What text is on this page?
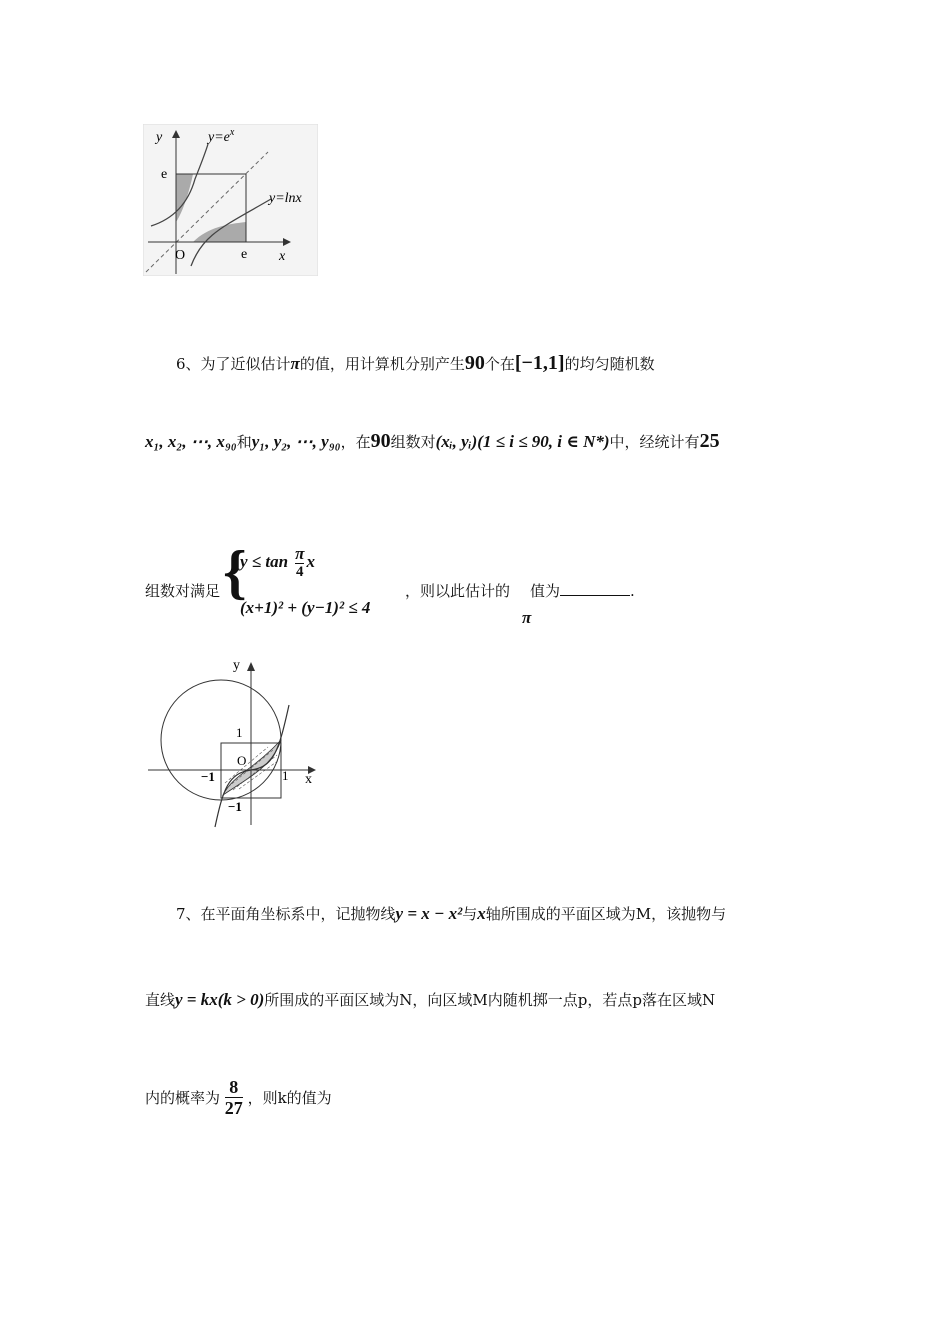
y
x
O
e
e
$y=e^x$
y=lnx
6、为了近似估计π的值，用计算机分别产生90个在[−1,1]的均匀随机数
x₁, x₂, ⋯, x₉₀和y₁, y₂, ⋯, y₉₀，在90组数对(xᵢ, yᵢ)(1 ≤ i ≤ 90, i ∈ N*)中，经统计有25
组数对满足 {
$y \le \tan \frac{\pi}{4}$ x
(x+1)² + (y−1)² ≤ 4
，则以此估计的 值为	.
π
y
x
O
1
1
−1
−1
7、在平面角坐标系中，记抛物线y = x − x²与x轴所围成的平面区域为M，该抛物与
直线y = kx(k > 0)所围成的平面区域为N，向区域M内随机掷一点p，若点p落在区域N
内的概率为 $\frac{8}{27}$ ，则k的值为
